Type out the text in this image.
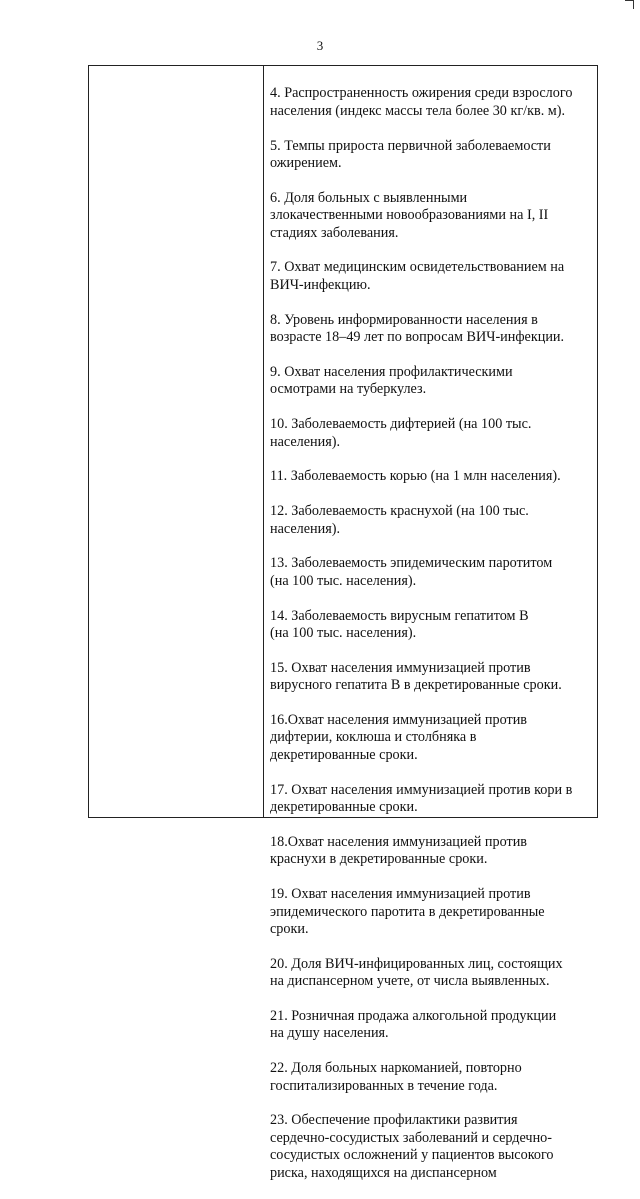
3

4. Распространенность ожирения среди взрослого
населения (индекс массы тела более 30 кг/кв. м).

5. Темпы прироста первичной заболеваемости
ожирением.

6. Доля больных с выявленными
злокачественными новообразованиями на I, II
стадиях заболевания.

7. Охват медицинским освидетельствованием на
ВИЧ-инфекцию.

8. Уровень информированности населения в
возрасте 18–49 лет по вопросам ВИЧ-инфекции.

9. Охват населения профилактическими
осмотрами на туберкулез.

10. Заболеваемость дифтерией (на 100 тыс.
населения).

11. Заболеваемость корью (на 1 млн населения).

12. Заболеваемость краснухой (на 100 тыс.
населения).

13. Заболеваемость эпидемическим паротитом
(на 100 тыс. населения).

14. Заболеваемость вирусным гепатитом B
(на 100 тыс. населения).

15. Охват населения иммунизацией против
вирусного гепатита B в декретированные сроки.

16.Охват населения иммунизацией против
дифтерии, коклюша и столбняка в
декретированные сроки.

17. Охват населения иммунизацией против кори в
декретированные сроки.

18.Охват населения иммунизацией против
краснухи в декретированные сроки.

19. Охват населения иммунизацией против
эпидемического паротита в декретированные
сроки.

20. Доля ВИЧ-инфицированных лиц, состоящих
на диспансерном учете, от числа выявленных.

21. Розничная продажа алкогольной продукции
на душу населения.

22. Доля больных наркоманией, повторно
госпитализированных в течение года.

23. Обеспечение профилактики развития
сердечно-сосудистых заболеваний и сердечно-
сосудистых осложнений у пациентов высокого
риска, находящихся на диспансерном
